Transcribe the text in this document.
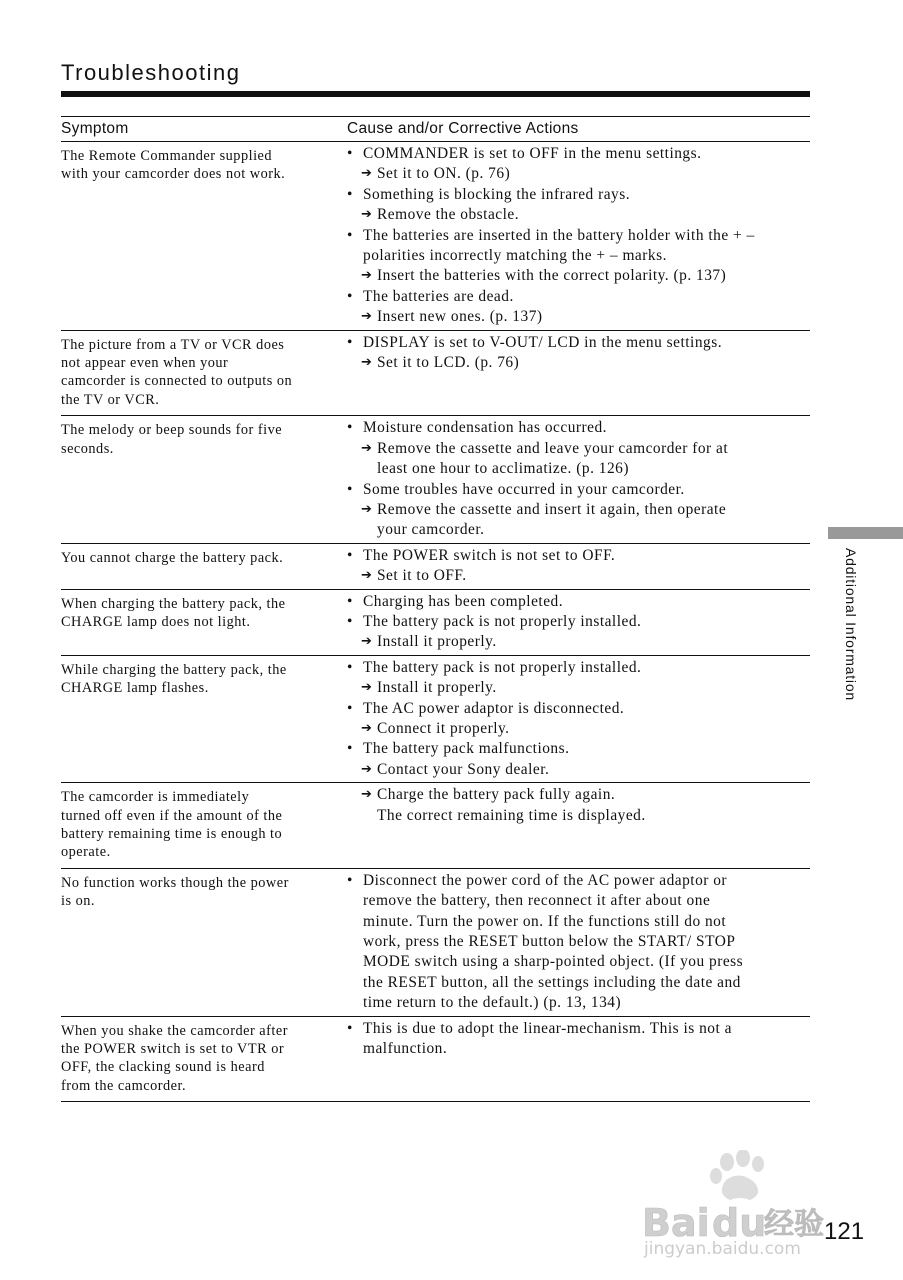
Troubleshooting
Symptom	Cause and/or Corrective Actions
The Remote Commander supplied
with your camcorder does not work.
• COMMANDER is set to OFF in the menu settings.
➔ Set it to ON. (p. 76)
• Something is blocking the infrared rays.
➔ Remove the obstacle.
• The batteries are inserted in the battery holder with the + –
polarities incorrectly matching the + – marks.
➔ Insert the batteries with the correct polarity. (p. 137)
• The batteries are dead.
➔ Insert new ones. (p. 137)
The picture from a TV or VCR does
not appear even when your
camcorder is connected to outputs on
the TV or VCR.
• DISPLAY is set to V-OUT/ LCD in the menu settings.
➔ Set it to LCD. (p. 76)
The melody or beep sounds for five
seconds.
• Moisture condensation has occurred.
➔ Remove the cassette and leave your camcorder for at
least one hour to acclimatize. (p. 126)
• Some troubles have occurred in your camcorder.
➔ Remove the cassette and insert it again, then operate
your camcorder.
You cannot charge the battery pack.	• The POWER switch is not set to OFF.
➔ Set it to OFF.
When charging the battery pack, the
CHARGE lamp does not light.
• Charging has been completed.
• The battery pack is not properly installed.
➔ Install it properly.
While charging the battery pack, the
CHARGE lamp flashes.
• The battery pack is not properly installed.
➔ Install it properly.
• The AC power adaptor is disconnected.
➔ Connect it properly.
• The battery pack malfunctions.
➔ Contact your Sony dealer.
The camcorder is immediately
turned off even if the amount of the
battery remaining time is enough to
operate.
➔ Charge the battery pack fully again.
The correct remaining time is displayed.
No function works though the power
is on.
• Disconnect the power cord of the AC power adaptor or
remove the battery, then reconnect it after about one
minute. Turn the power on. If the functions still do not
work, press the RESET button below the START/ STOP
MODE switch using a sharp-pointed object. (If you press
the RESET button, all the settings including the date and
time return to the default.) (p. 13, 134)
When you shake the camcorder after
the POWER switch is set to VTR or
OFF, the clacking sound is heard
from the camcorder.
• This is due to adopt the linear-mechanism. This is not a
malfunction.
Additional Information
121
Bai du
经验
jingyan.baidu.com
